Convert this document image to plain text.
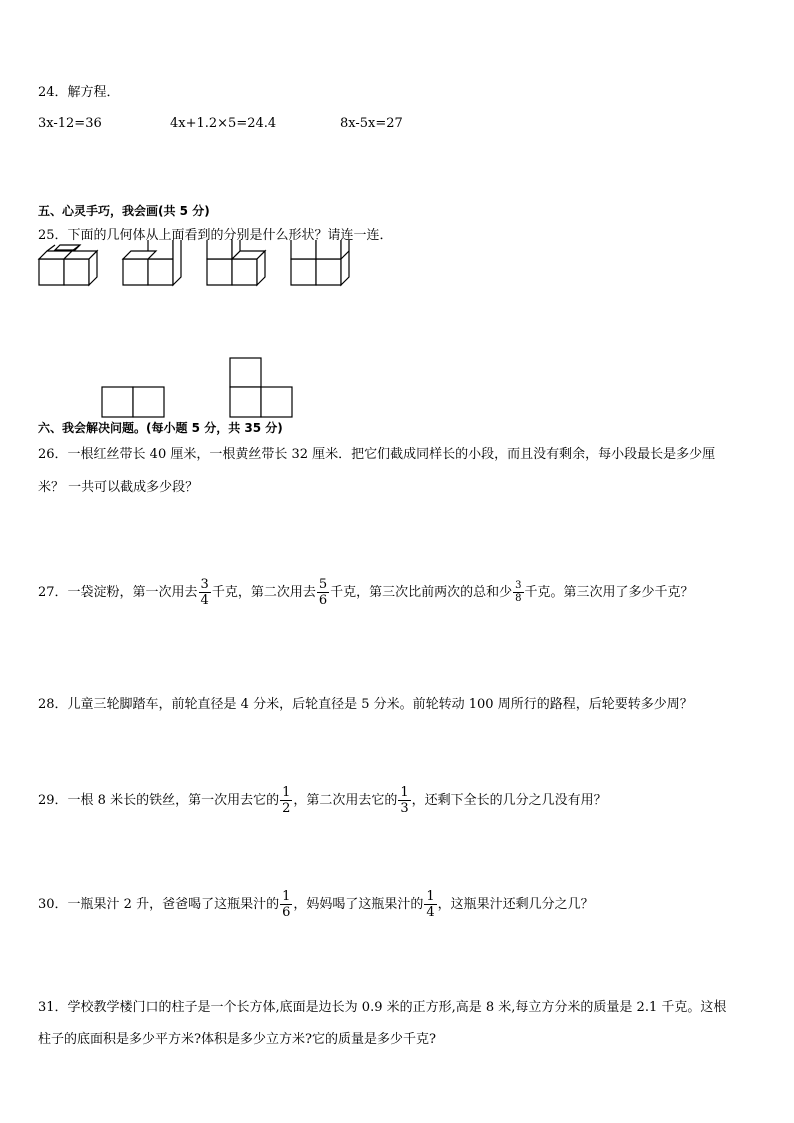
24．解方程．
3x-12=36	4x+1.2×5=24.4	8x-5x=27
五、心灵手巧，我会画(共 5 分)
25．下面的几何体从上面看到的分别是什么形状？请连一连．
六、我会解决问题。(每小题 5 分，共 35 分)
26．一根红丝带长 40 厘米，一根黄丝带长 32 厘米．把它们截成同样长的小段，而且没有剩余，每小段最长是多少厘
米？ 一共可以截成多少段？
27．一袋淀粉，第一次用去 $\frac{3}{4}$ 千克，第二次用去 $\frac{5}{6}$ 千克，第三次比前两次的总和少 $\frac{3}{8}$ 千克。第三次用了多少千克？
28．儿童三轮脚踏车，前轮直径是 4 分米，后轮直径是 5 分米。前轮转动 100 周所行的路程，后轮要转多少周？
29．一根 8 米长的铁丝，第一次用去它的 $\frac{1}{2}$ ，第二次用去它的 $\frac{1}{3}$ ，还剩下全长的几分之几没有用？
30．一瓶果汁 2 升，爸爸喝了这瓶果汁的 $\frac{1}{6}$ ，妈妈喝了这瓶果汁的 $\frac{1}{4}$ ，这瓶果汁还剩几分之几？
31．学校教学楼门口的柱子是一个长方体,底面是边长为 0.9 米的正方形,高是 8 米,每立方分米的质量是 2.1 千克。这根
柱子的底面积是多少平方米?体积是多少立方米?它的质量是多少千克?
